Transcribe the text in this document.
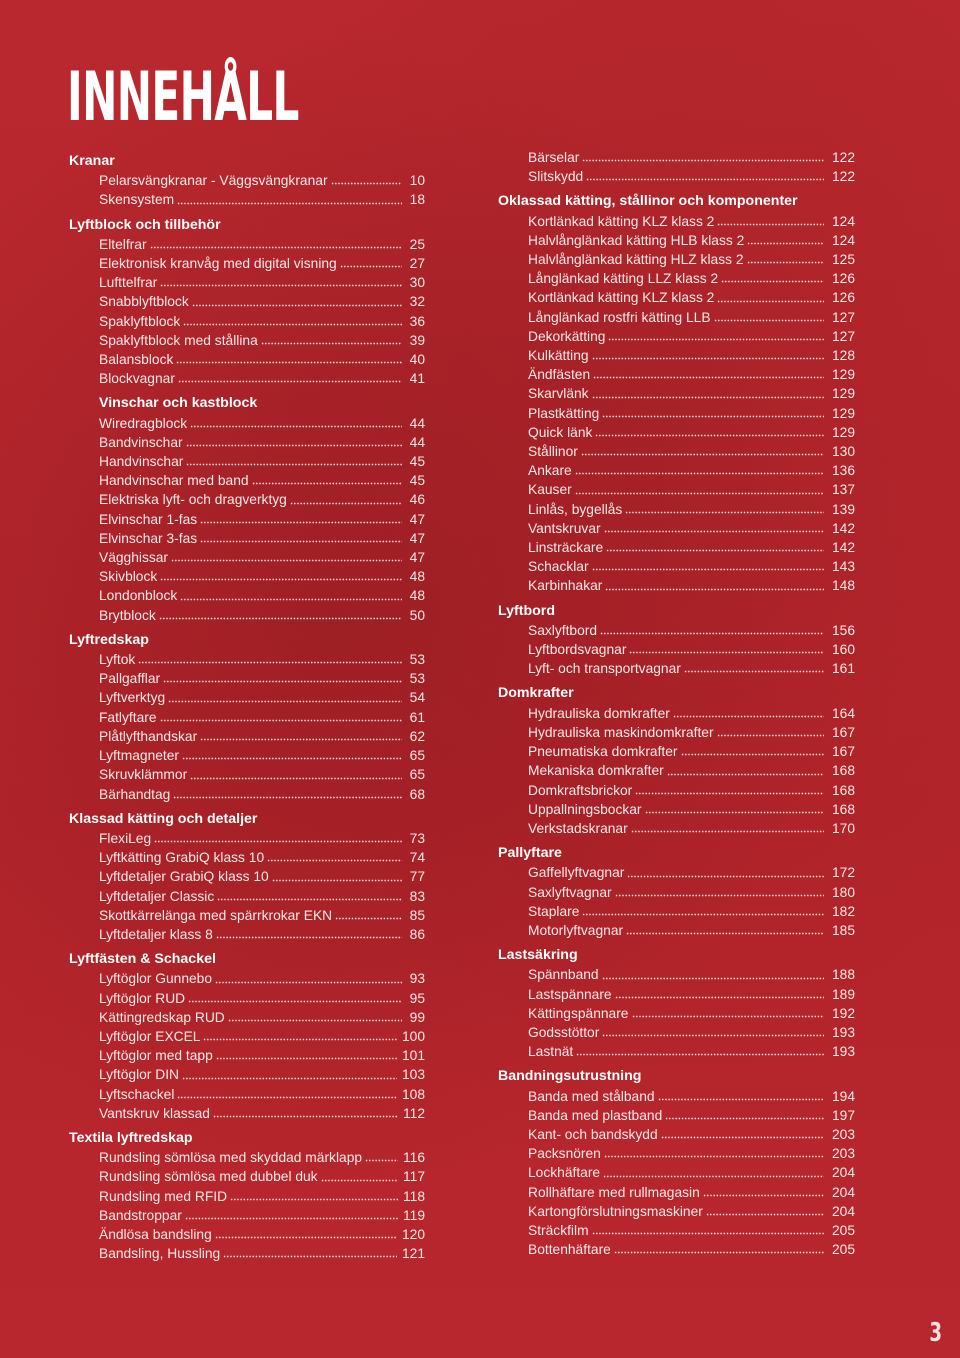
INNEHÅLL
Kranar
Pelarsvängkranar - Väggsvängkranar	10
Skensystem	18
Lyftblock och tillbehör
Eltelfrar	25
Elektronisk kranvåg med digital visning	27
Lufttelfrar	30
Snabblyftblock	32
Spaklyftblock	36
Spaklyftblock med stållina	39
Balansblock	40
Blockvagnar	41
Vinschar och kastblock
Wiredragblock	44
Bandvinschar	44
Handvinschar	45
Handvinschar med band	45
Elektriska lyft- och dragverktyg	46
Elvinschar 1-fas	47
Elvinschar 3-fas	47
Vägghissar	47
Skivblock	48
Londonblock	48
Brytblock	50
Lyftredskap
Lyftok	53
Pallgafflar	53
Lyftverktyg	54
Fatlyftare	61
Plåtlyfthandskar	62
Lyftmagneter	65
Skruvklämmor	65
Bärhandtag	68
Klassad kätting och detaljer
FlexiLeg	73
Lyftkätting GrabiQ klass 10	74
Lyftdetaljer GrabiQ klass 10	77
Lyftdetaljer Classic	83
Skottkärrelänga med spärrkrokar EKN	85
Lyftdetaljer klass 8	86
Lyftfästen & Schackel
Lyftöglor Gunnebo	93
Lyftöglor RUD	95
Kättingredskap RUD	99
Lyftöglor EXCEL	100
Lyftöglor med tapp	101
Lyftöglor DIN	103
Lyftschackel	108
Vantskruv klassad	112
Textila lyftredskap
Rundsling sömlösa med skyddad märklapp	116
Rundsling sömlösa med dubbel duk	117
Rundsling med RFID	118
Bandstroppar	119
Ändlösa bandsling	120
Bandsling, Hussling	121
Bärselar	122
Slitskydd	122
Oklassad kätting, stållinor och komponenter
Kortlänkad kätting KLZ klass 2	124
Halvlånglänkad kätting HLB klass 2	124
Halvlånglänkad kätting HLZ klass 2	125
Långlänkad kätting LLZ klass 2	126
Kortlänkad kätting KLZ klass 2	126
Långlänkad rostfri kätting LLB	127
Dekorkätting	127
Kulkätting	128
Ändfästen	129
Skarvlänk	129
Plastkätting	129
Quick länk	129
Stållinor	130
Ankare	136
Kauser	137
Linlås, bygellås	139
Vantskruvar	142
Linsträckare	142
Schacklar	143
Karbinhakar	148
Lyftbord
Saxlyftbord	156
Lyftbordsvagnar	160
Lyft- och transportvagnar	161
Domkrafter
Hydrauliska domkrafter	164
Hydrauliska maskindomkrafter	167
Pneumatiska domkrafter	167
Mekaniska domkrafter	168
Domkraftsbrickor	168
Uppallningsbockar	168
Verkstadskranar	170
Pallyftare
Gaffellyftvagnar	172
Saxlyftvagnar	180
Staplare	182
Motorlyftvagnar	185
Lastsäkring
Spännband	188
Lastspännare	189
Kättingspännare	192
Godsstöttor	193
Lastnät	193
Bandningsutrustning
Banda med stålband	194
Banda med plastband	197
Kant- och bandskydd	203
Packsnören	203
Lockhäftare	204
Rollhäftare med rullmagasin	204
Kartongförslutningsmaskiner	204
Sträckfilm	205
Bottenhäftare	205
3
